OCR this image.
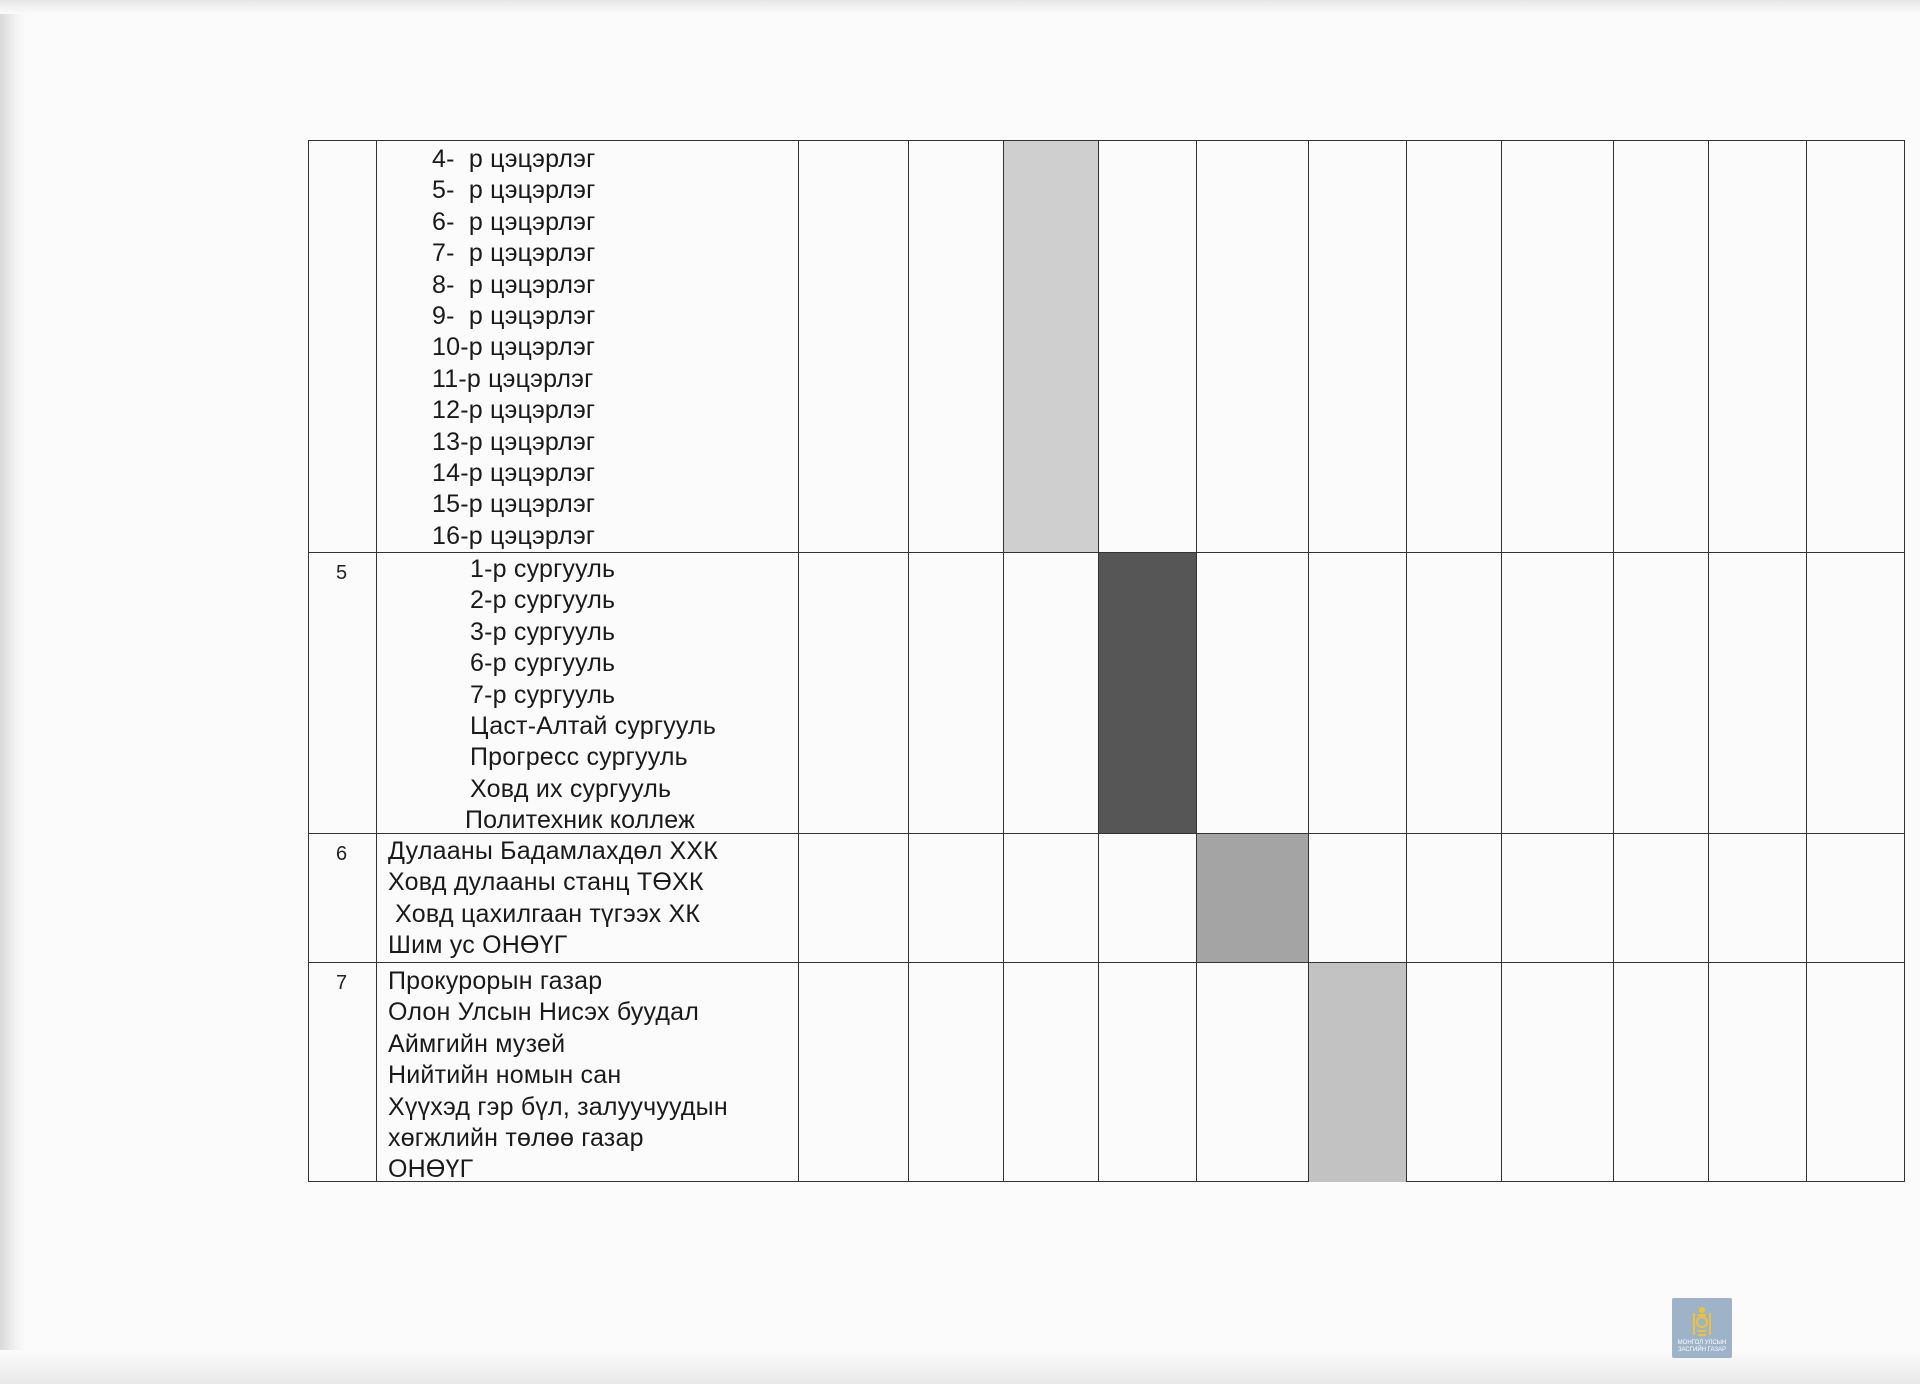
4-  р цэцэрлэг
5-  р цэцэрлэг
6-  р цэцэрлэг
7-  р цэцэрлэг
8-  р цэцэрлэг
9-  р цэцэрлэг
10-р цэцэрлэг
11-р цэцэрлэг
12-р цэцэрлэг
13-р цэцэрлэг
14-р цэцэрлэг
15-р цэцэрлэг
16-р цэцэрлэг
5	1-р сургууль
2-р сургууль
3-р сургууль
6-р сургууль
7-р сургууль
Цаст-Алтай сургууль
Прогресс сургууль
Ховд их сургууль
Политехник коллеж
6 Дулааны Бадамлахдөл ХХК
Ховд дулааны станц ТӨХК
Ховд цахилгаан түгээх ХК
Шим ус ОНӨҮГ
7 Прокурорын газар
Олон Улсын Нисэх буудал
Аймгийн музей
Нийтийн номын сан
Хүүхэд гэр бүл, залуучуудын
хөгжлийн төлөө газар
ОНӨҮГ
МОНГОЛ УЛСЫН
ЗАСГИЙН ГАЗАР
